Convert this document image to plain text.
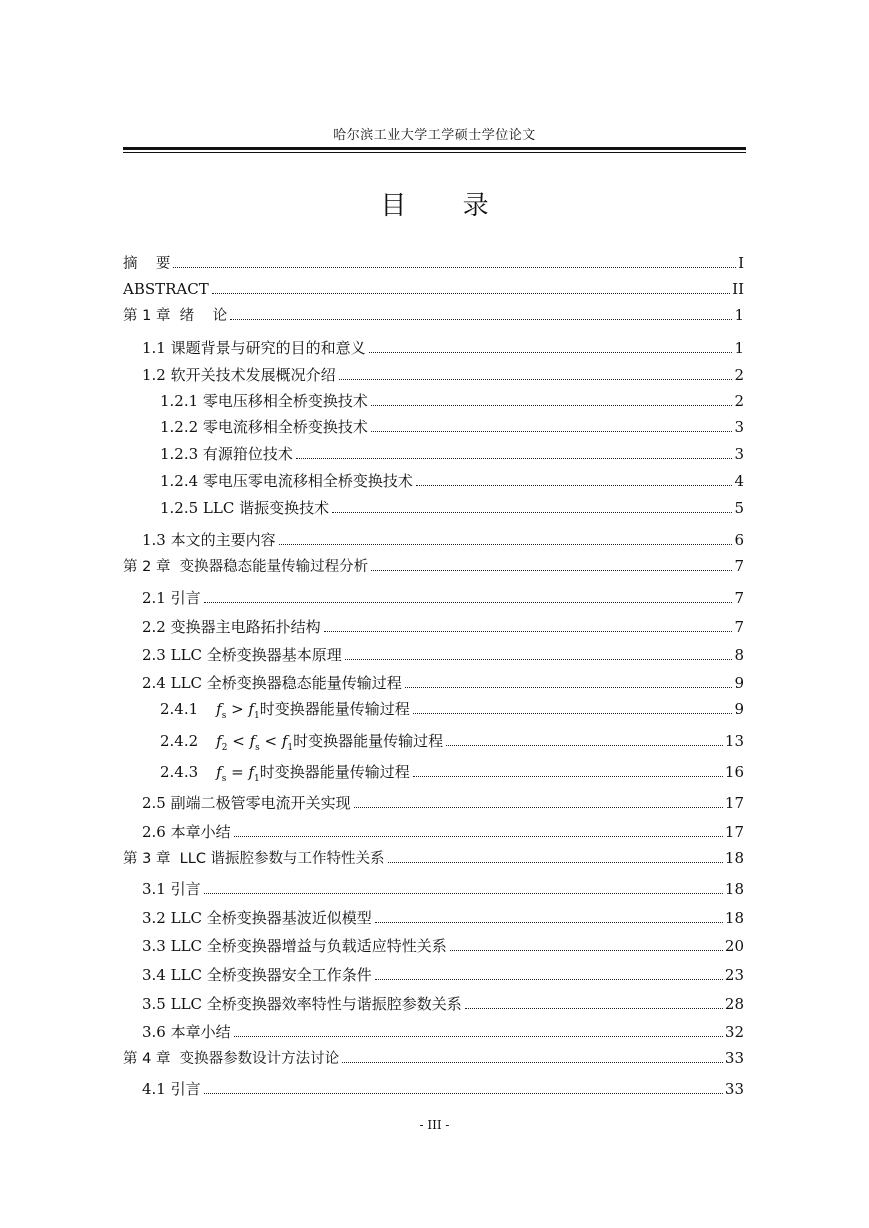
哈尔滨工业大学工学硕士学位论文
目 录
摘    要	I
ABSTRACT	II
第 1 章  绪    论	1
1.1 课题背景与研究的目的和意义	1
1.2 软开关技术发展概况介绍	2
1.2.1 零电压移相全桥变换技术	2
1.2.2 零电流移相全桥变换技术	3
1.2.3 有源箝位技术	3
1.2.4 零电压零电流移相全桥变换技术	4
1.2.5 LLC 谐振变换技术	5
1.3 本文的主要内容	6
第 2 章  变换器稳态能量传输过程分析	7
2.1 引言	7
2.2 变换器主电路拓扑结构	7
2.3 LLC 全桥变换器基本原理	8
2.4 LLC 全桥变换器稳态能量传输过程	9
2.4.1 $f_s > f_1$ 时变换器能量传输过程	9
2.4.2 $f_2 < f_s < f_1$ 时变换器能量传输过程	13
2.4.3 $f_s = f_1$ 时变换器能量传输过程	16
2.5 副端二极管零电流开关实现	17
2.6 本章小结	17
第 3 章  LLC 谐振腔参数与工作特性关系	18
3.1 引言	18
3.2 LLC 全桥变换器基波近似模型	18
3.3 LLC 全桥变换器增益与负载适应特性关系	20
3.4 LLC 全桥变换器安全工作条件	23
3.5 LLC 全桥变换器效率特性与谐振腔参数关系	28
3.6 本章小结	32
第 4 章  变换器参数设计方法讨论	33
4.1 引言	33
- III -
